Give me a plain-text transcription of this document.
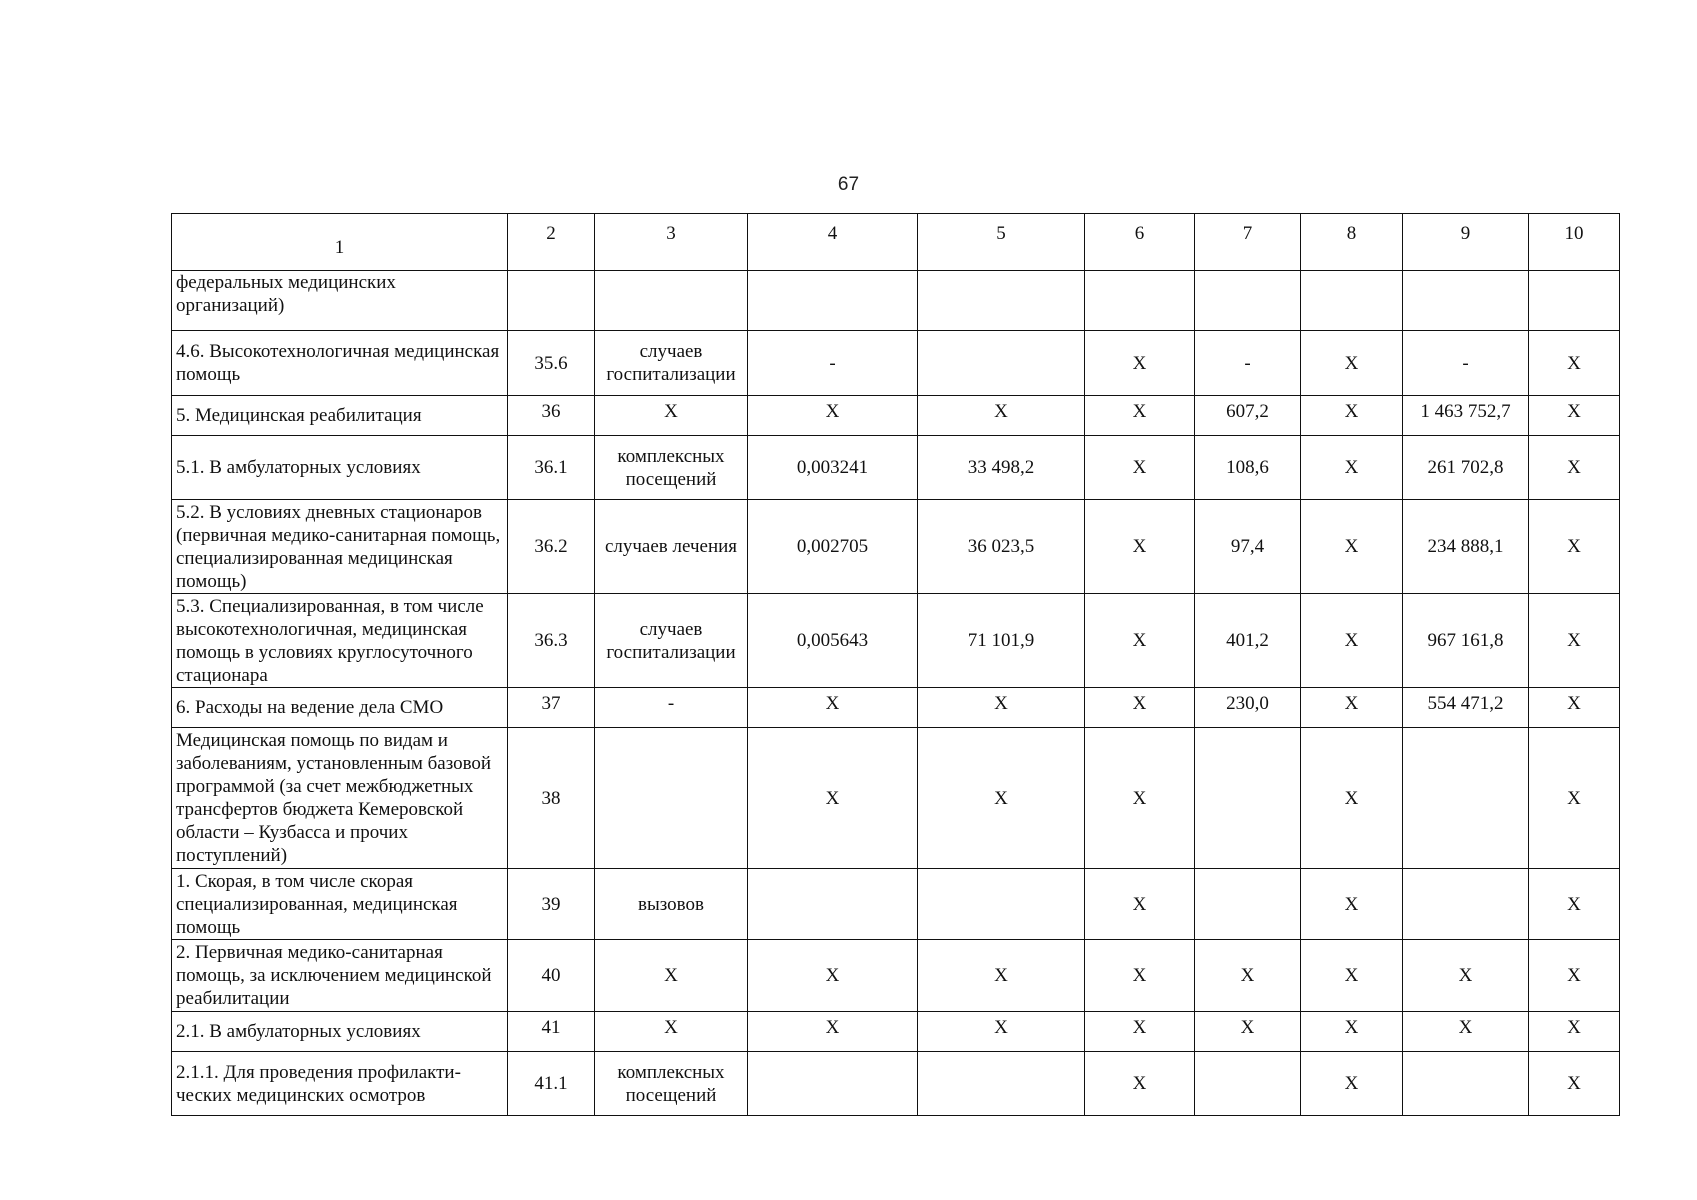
67
1	2	3	4	5	6	7	8	9	10
федеральных медицинских организаций)									
4.6. Высокотехнологичная медицинская помощь	35.6	случаев госпитализации	-		Х	-	Х	-	Х
5. Медицинская реабилитация	36	Х	Х	Х	Х	607,2	Х	1 463 752,7	Х
5.1. В амбулаторных условиях	36.1	комплексных посещений	0,003241	33 498,2	Х	108,6	Х	261 702,8	Х
5.2. В условиях дневных стационаров (первичная медико-санитарная помощь, специализированная медицинская помощь)	36.2	случаев лечения	0,002705	36 023,5	Х	97,4	Х	234 888,1	Х
5.3. Специализированная, в том числе высокотехнологичная, медицинская помощь в условиях круглосуточного стационара	36.3	случаев госпитализации	0,005643	71 101,9	Х	401,2	Х	967 161,8	Х
6. Расходы на ведение дела СМО	37	-	Х	Х	Х	230,0	Х	554 471,2	Х
Медицинская помощь по видам и заболеваниям, установленным базовой программой (за счет межбюджетных трансфертов бюджета Кемеровской области – Кузбасса и прочих поступлений)	38		Х	Х	Х		Х		Х
1. Скорая, в том числе скорая специализированная, медицинская помощь	39	вызовов			Х		Х		Х
2. Первичная медико-санитарная помощь, за исключением медицинской реабилитации	40	Х	Х	Х	Х	Х	Х	Х	Х
2.1. В амбулаторных условиях	41	Х	Х	Х	Х	Х	Х	Х	Х
2.1.1. Для проведения профилакти-ческих медицинских осмотров	41.1	комплексных посещений			Х		Х		Х
